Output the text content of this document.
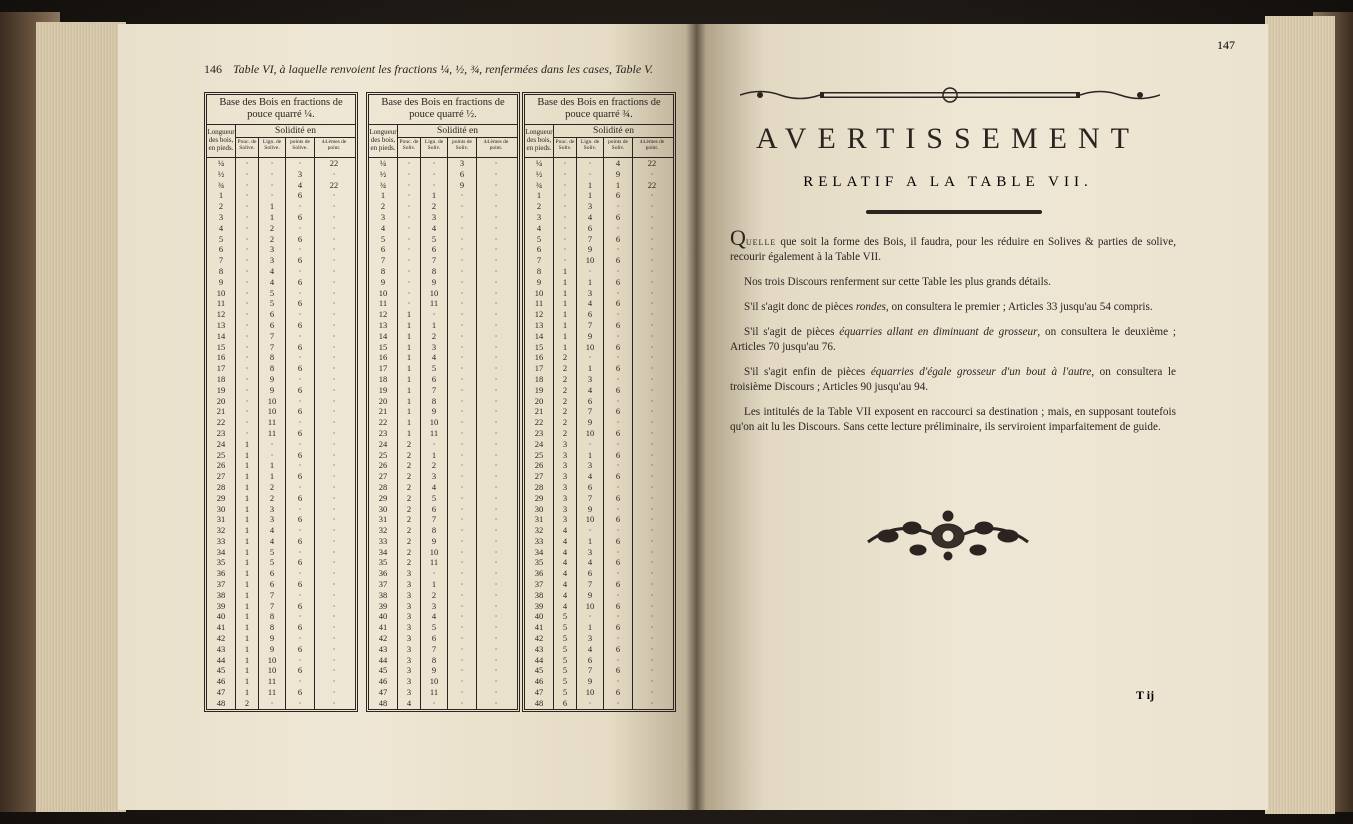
146 Table VI, à laquelle renvoient les fractions ¼, ½, ¾, renfermées dans les cases, Table V.
Base des Bois en fractions de pouce quarré ¼.
Longueur des bois, en pieds.
Solidité en
Pouc. de Solive.
Lign. de Solive.
points de Solive.
44.èmes de point.
¼	·	·	·	22
½	·	·	3	·
¾	·	·	4	22
1	·	·	6	·
2	·	1	·	·
3	·	1	6	·
4	·	2	·	·
5	·	2	6	·
6	·	3	·	·
7	·	3	6	·
8	·	4	·	·
9	·	4	6	·
10	·	5	·	·
11	·	5	6	·
12	·	6	·	·
13	·	6	6	·
14	·	7	·	·
15	·	7	6	·
16	·	8	·	·
17	·	8	6	·
18	·	9	·	·
19	·	9	6	·
20	·	10	·	·
21	·	10	6	·
22	·	11	·	·
23	·	11	6	·
24	1	·	·	·
25	1	·	6	·
26	1	1	·	·
27	1	1	6	·
28	1	2	·	·
29	1	2	6	·
30	1	3	·	·
31	1	3	6	·
32	1	4	·	·
33	1	4	6	·
34	1	5	·	·
35	1	5	6	·
36	1	6	·	·
37	1	6	6	·
38	1	7	·	·
39	1	7	6	·
40	1	8	·	·
41	1	8	6	·
42	1	9	·	·
43	1	9	6	·
44	1	10	·	·
45	1	10	6	·
46	1	11	·	·
47	1	11	6	·
48	2	·	·	·
Base des Bois en fractions de pouce quarré ½.
Longueur des bois, en pieds.
Solidité en
Pouc. de Soliv.
Lign. de Soliv.
points de Soliv.
44.èmes de point.
¼	·	·	3	·
½	·	·	6	·
¾	·	·	9	·
1	·	1	·	·
2	·	2	·	·
3	·	3	·	·
4	·	4	·	·
5	·	5	·	·
6	·	6	·	·
7	·	7	·	·
8	·	8	·	·
9	·	9	·	·
10	·	10	·	·
11	·	11	·	·
12	1	·	·	·
13	1	1	·	·
14	1	2	·	·
15	1	3	·	·
16	1	4	·	·
17	1	5	·	·
18	1	6	·	·
19	1	7	·	·
20	1	8	·	·
21	1	9	·	·
22	1	10	·	·
23	1	11	·	·
24	2	·	·	·
25	2	1	·	·
26	2	2	·	·
27	2	3	·	·
28	2	4	·	·
29	2	5	·	·
30	2	6	·	·
31	2	7	·	·
32	2	8	·	·
33	2	9	·	·
34	2	10	·	·
35	2	11	·	·
36	3	·	·	·
37	3	1	·	·
38	3	2	·	·
39	3	3	·	·
40	3	4	·	·
41	3	5	·	·
42	3	6	·	·
43	3	7	·	·
44	3	8	·	·
45	3	9	·	·
46	3	10	·	·
47	3	11	·	·
48	4	·	·	·
Base des Bois en fractions de pouce quarré ¾.
Longueur des bois, en pieds.
Solidité en
Pouc. de Soliv.
Lign. de Soliv.
points de Soliv.
44.èmes de point.
¼	·	·	4	22
½	·	·	9	·
¾	·	1	1	22
1	·	1	6	·
2	·	3	·	·
3	·	4	6	·
4	·	6	·	·
5	·	7	6	·
6	·	9	·	·
7	·	10	6	·
8	1	·	·	·
9	1	1	6	·
10	1	3	·	·
11	1	4	6	·
12	1	6	·	·
13	1	7	6	·
14	1	9	·	·
15	1	10	6	·
16	2	·	·	·
17	2	1	6	·
18	2	3	·	·
19	2	4	6	·
20	2	6	·	·
21	2	7	6	·
22	2	9	·	·
23	2	10	6	·
24	3	·	·	·
25	3	1	6	·
26	3	3	·	·
27	3	4	6	·
28	3	6	·	·
29	3	7	6	·
30	3	9	·	·
31	3	10	6	·
32	4	·	·	·
33	4	1	6	·
34	4	3	·	·
35	4	4	6	·
36	4	6	·	·
37	4	7	6	·
38	4	9	·	·
39	4	10	6	·
40	5	·	·	·
41	5	1	6	·
42	5	3	·	·
43	5	4	6	·
44	5	6	·	·
45	5	7	6	·
46	5	9	·	·
47	5	10	6	·
48	6	·	·	·
147
AVERTISSEMENT
RELATIF A LA TABLE VII.

QUELLE que soit la forme des Bois, il faudra, pour les réduire en Solives & parties de solive, recourir également à la Table VII.

Nos trois Discours renferment sur cette Table les plus grands détails.

S'il s'agit donc de pièces rondes, on consultera le premier ; Articles 33 jusqu'au 54 compris.

S'il s'agit de pièces équarries allant en diminuant de grosseur, on consultera le deuxième ; Articles 70 jusqu'au 76.

S'il s'agit enfin de pièces équarries d'égale grosseur d'un bout à l'autre, on consultera le troisième Discours ; Articles 90 jusqu'au 94.

Les intitulés de la Table VII exposent en raccourci sa destination ; mais, en supposant toutefois qu'on ait lu les Discours. Sans cette lecture préliminaire, ils serviroient imparfaitement de guide.

T ij
